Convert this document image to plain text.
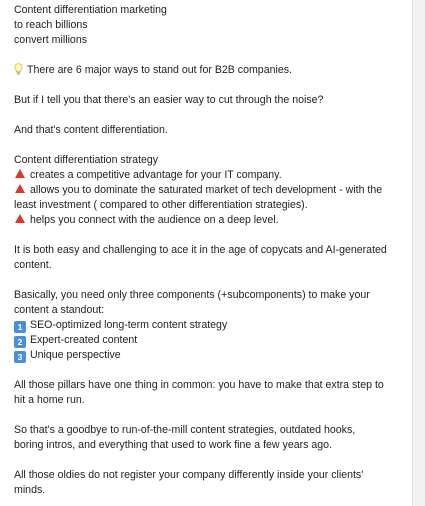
Content differentiation marketing
to reach billions
convert millions
There are 6 major ways to stand out for B2B companies.
But if I tell you that there's an easier way to cut through the noise?
And that's content differentiation.
Content differentiation strategy
creates a competitive advantage for your IT company.
allows you to dominate the saturated market of tech development - with the
least investment ( compared to other differentiation strategies).
helps you connect with the audience on a deep level.
It is both easy and challenging to ace it in the age of copycats and AI-generated
content.
Basically, you need only three components (+subcomponents) to make your
content a standout:
1 SEO-optimized long-term content strategy
2 Expert-created content
3 Unique perspective
All those pillars have one thing in common: you have to make that extra step to
hit a home run.
So that's a goodbye to run-of-the-mill content strategies, outdated hooks,
boring intros, and everything that used to work fine a few years ago.
All those oldies do not register your company differently inside your clients'
minds.
